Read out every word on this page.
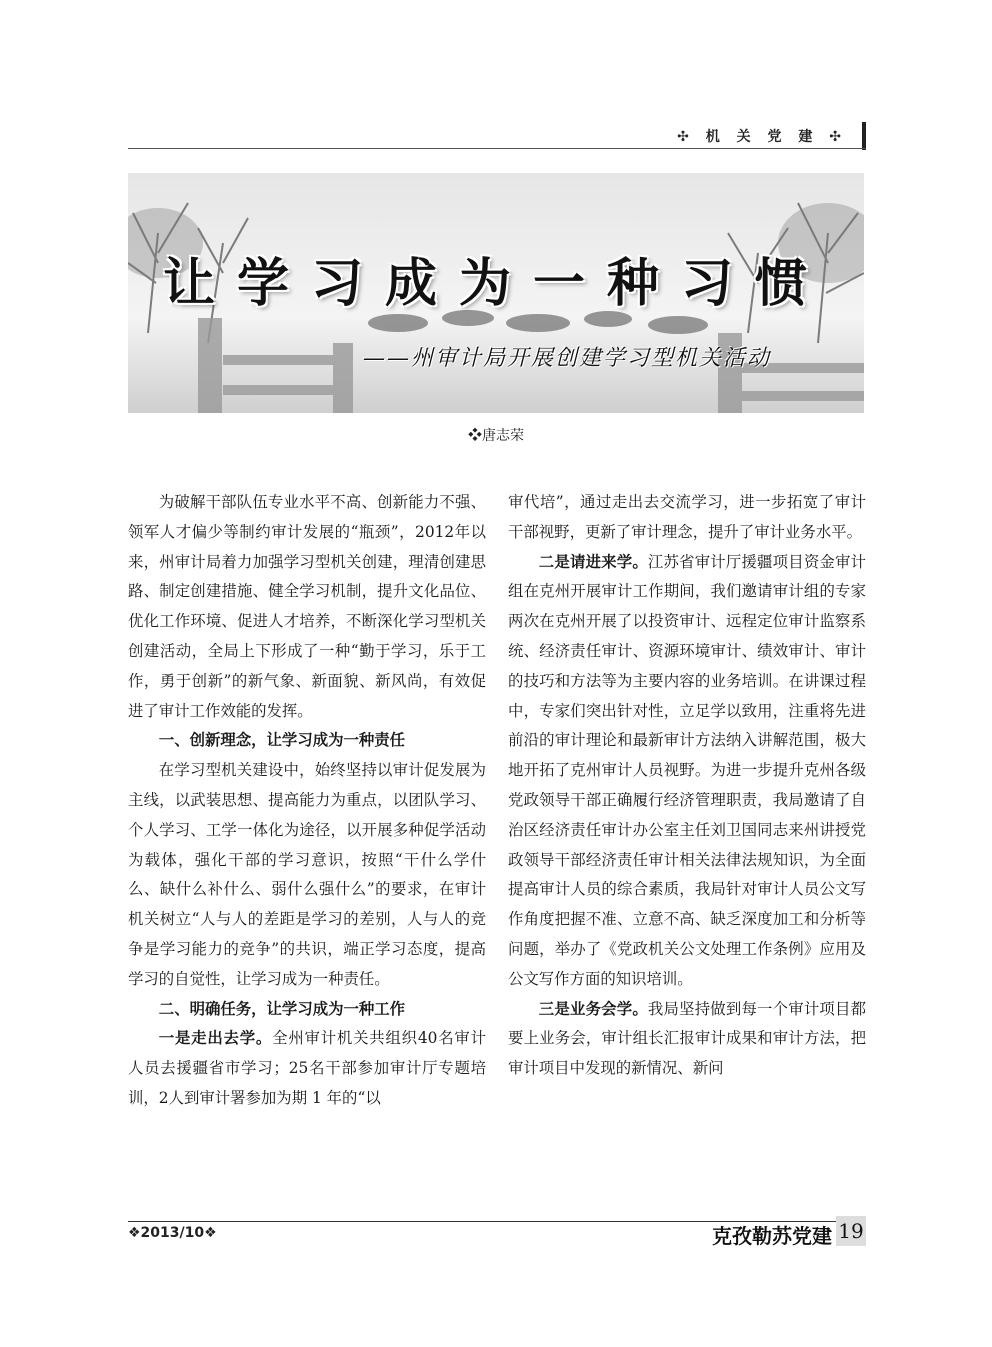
✣ 机 关 党 建 ✣
让学习成为一种习惯
——州审计局开展创建学习型机关活动
❖唐志荣

为破解干部队伍专业水平不高、创新能力不强、领军人才偏少等制约审计发展的“瓶颈”，2012年以来，州审计局着力加强学习型机关创建，理清创建思路、制定创建措施、健全学习机制，提升文化品位、优化工作环境、促进人才培养，不断深化学习型机关创建活动，全局上下形成了一种“勤于学习，乐于工作，勇于创新”的新气象、新面貌、新风尚，有效促进了审计工作效能的发挥。

一、创新理念，让学习成为一种责任

在学习型机关建设中，始终坚持以审计促发展为主线，以武装思想、提高能力为重点，以团队学习、个人学习、工学一体化为途径，以开展多种促学活动为载体，强化干部的学习意识，按照“干什么学什么、缺什么补什么、弱什么强什么”的要求，在审计机关树立“人与人的差距是学习的差别，人与人的竞争是学习能力的竞争”的共识，端正学习态度，提高学习的自觉性，让学习成为一种责任。

二、明确任务，让学习成为一种工作

一是走出去学。全州审计机关共组织40名审计人员去援疆省市学习；25名干部参加审计厅专题培训，2人到审计署参加为期 1 年的“以

审代培”，通过走出去交流学习，进一步拓宽了审计干部视野，更新了审计理念，提升了审计业务水平。

二是请进来学。江苏省审计厅援疆项目资金审计组在克州开展审计工作期间，我们邀请审计组的专家两次在克州开展了以投资审计、远程定位审计监察系统、经济责任审计、资源环境审计、绩效审计、审计的技巧和方法等为主要内容的业务培训。在讲课过程中，专家们突出针对性，立足学以致用，注重将先进前沿的审计理论和最新审计方法纳入讲解范围，极大地开拓了克州审计人员视野。为进一步提升克州各级党政领导干部正确履行经济管理职责，我局邀请了自治区经济责任审计办公室主任刘卫国同志来州讲授党政领导干部经济责任审计相关法律法规知识，为全面提高审计人员的综合素质，我局针对审计人员公文写作角度把握不准、立意不高、缺乏深度加工和分析等问题，举办了《党政机关公文处理工作条例》应用及公文写作方面的知识培训。

三是业务会学。我局坚持做到每一个审计项目都要上业务会，审计组长汇报审计成果和审计方法，把审计项目中发现的新情况、新问

❖2013/10❖	克孜勒苏党建 19
